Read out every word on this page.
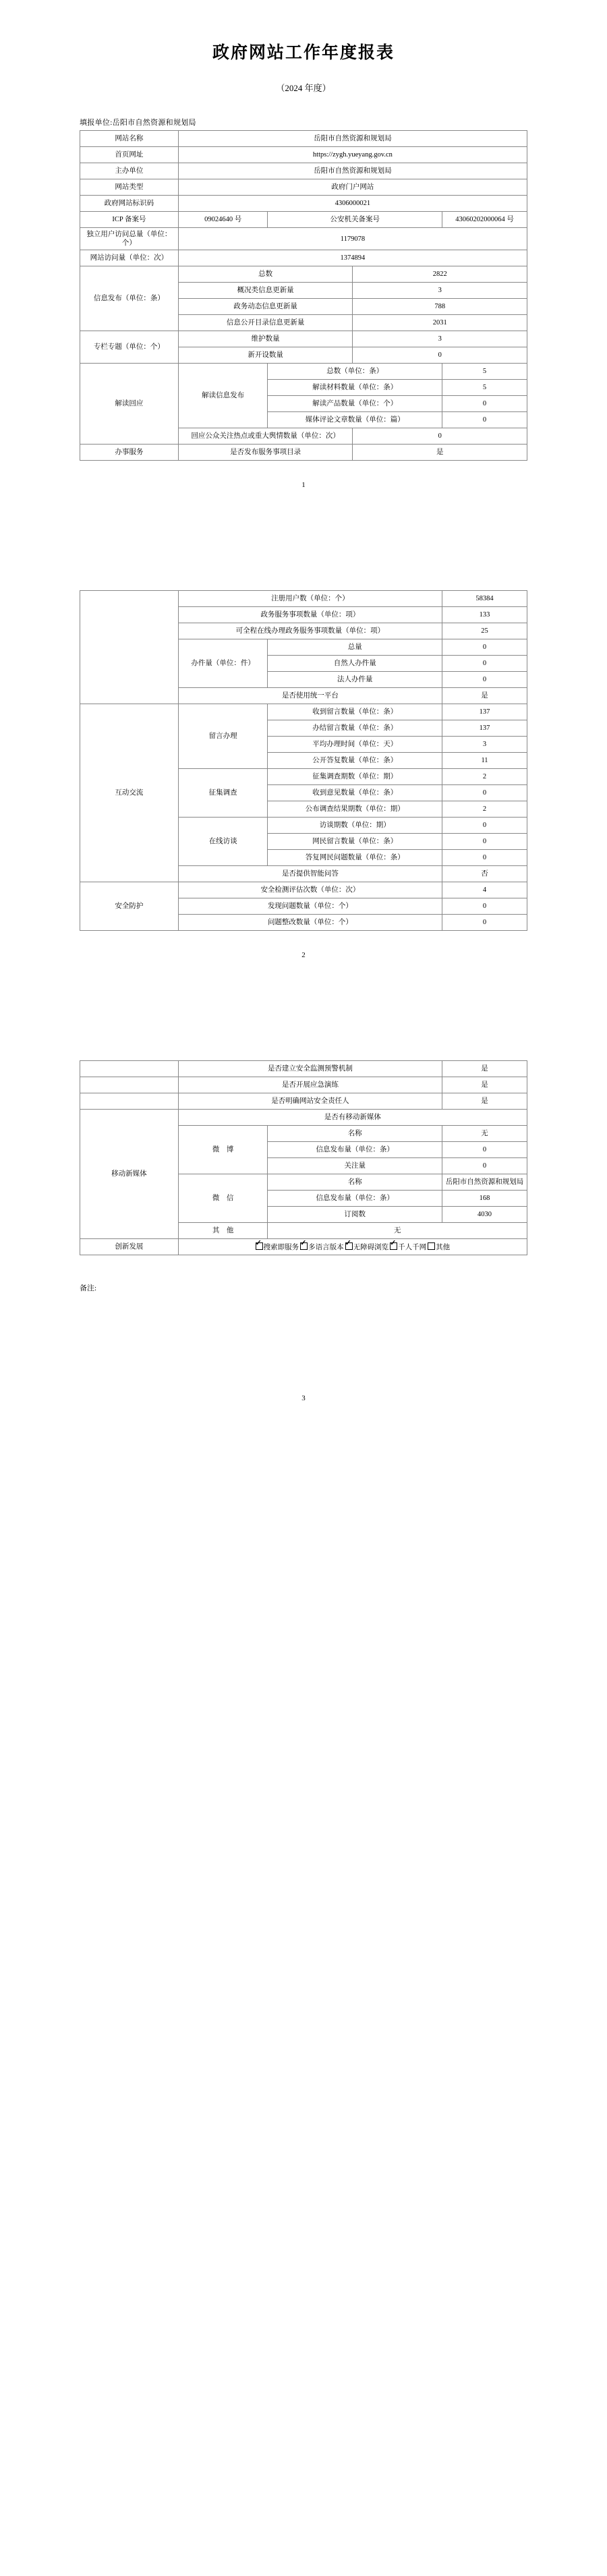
政府网站工作年度报表
（2024 年度）
填报单位:岳阳市自然资源和规划局
网站名称	岳阳市自然资源和规划局			
首页网址	https://zygh.yueyang.gov.cn			
主办单位	岳阳市自然资源和规划局			
网站类型	政府门户网站			
政府网站标识码	4306000021			
ICP 备案号	09024640 号	公安机关备案号		43060202000064 号
独立用户访问总量（单位：个）	1179078			
网站访问量（单位：次）	1374894			
信息发布（单位：条）	总数		2822	
	概况类信息更新量		3	
	政务动态信息更新量		788	
	信息公开目录信息更新量		2031	
专栏专题（单位：个）	维护数量		3	
	新开设数量		0	
解读回应	解读信息发布	总数（单位：条）		5
		解读材料数量（单位：条）		5
		解读产品数量（单位：个）		0
		媒体评论文章数量（单位：篇）		0
	回应公众关注热点或重大舆情数量（单位：次）		0	
办事服务	是否发布服务事项目录		是	
1
	注册用户数（单位：个）		58384
	政务服务事项数量（单位：项）		133
	可全程在线办理政务服务事项数量（单位：项）		25
	办件量（单位：件）	总量	0
		自然人办件量	0
		法人办件量	0
	是否使用统一平台		是
互动交流	留言办理	收到留言数量（单位：条）	137
		办结留言数量（单位：条）	137
		平均办理时间（单位：天）	3
		公开答复数量（单位：条）	11
	征集调查	征集调查期数（单位：期）	2
		收到意见数量（单位：条）	0
		公布调查结果期数（单位：期）	2
	在线访谈	访谈期数（单位：期）	0
		网民留言数量（单位：条）	0
		答复网民问题数量（单位：条）	0
	是否提供智能问答		否
安全防护	安全检测评估次数（单位：次）		4
	发现问题数量（单位：个）		0
	问题整改数量（单位：个）		0
2
	是否建立安全监测预警机制		是
	是否开展应急演练		是
	是否明确网站安全责任人		是
移动新媒体	是否有移动新媒体		
	微　博	名称	无
		信息发布量（单位：条）	0
		关注量	0
	微　信	名称	岳阳市自然资源和规划局
		信息发布量（单位：条）	168
		订阅数	4030
	其　他	无	
创新发展	✓搜索即服务 ✓ 多语言版本 ✓ 无障碍浏览 ✓ 千人千网 其他
备注:
3
